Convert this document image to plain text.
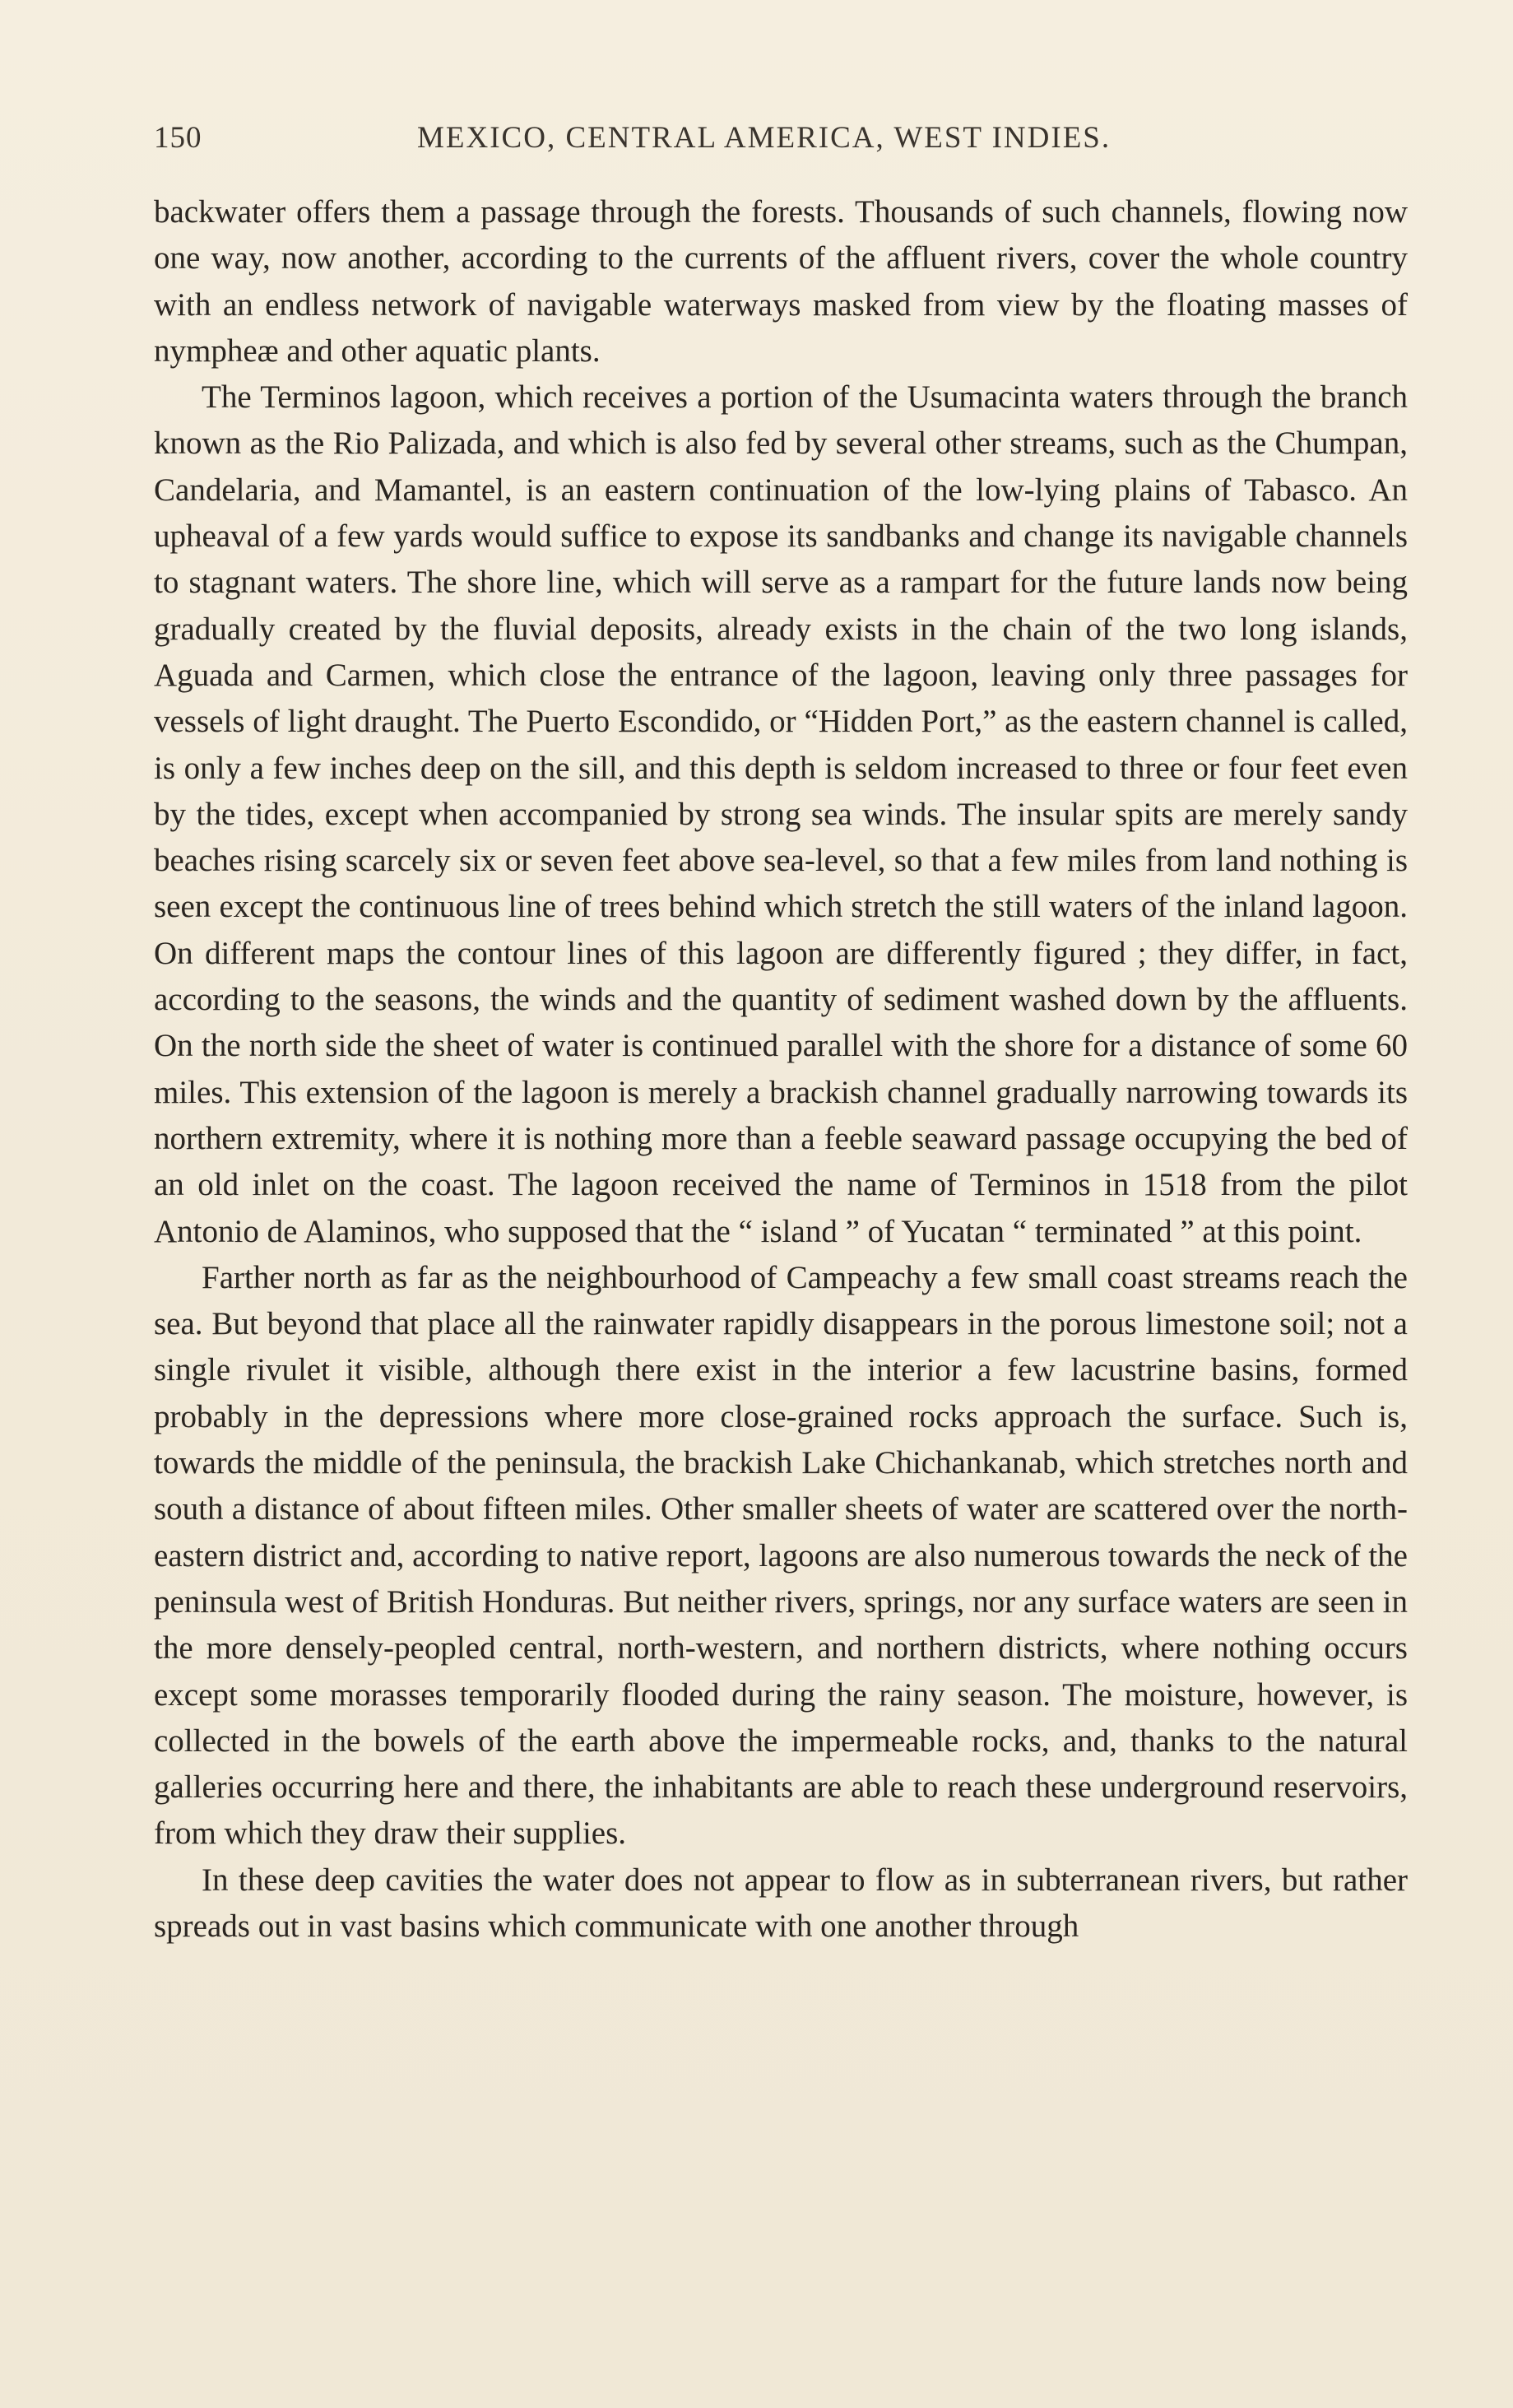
150	MEXICO, CENTRAL AMERICA, WEST INDIES.

backwater offers them a passage through the forests. Thousands of such channels, flowing now one way, now another, according to the currents of the affluent rivers, cover the whole country with an endless network of navigable waterways masked from view by the floating masses of nympheæ and other aquatic plants.

The Terminos lagoon, which receives a portion of the Usumacinta waters through the branch known as the Rio Palizada, and which is also fed by several other streams, such as the Chumpan, Candelaria, and Mamantel, is an eastern continuation of the low-lying plains of Tabasco. An upheaval of a few yards would suffice to expose its sandbanks and change its navigable channels to stagnant waters. The shore line, which will serve as a rampart for the future lands now being gradually created by the fluvial deposits, already exists in the chain of the two long islands, Aguada and Carmen, which close the entrance of the lagoon, leaving only three passages for vessels of light draught. The Puerto Escondido, or “Hidden Port,” as the eastern channel is called, is only a few inches deep on the sill, and this depth is seldom increased to three or four feet even by the tides, except when accompanied by strong sea winds. The insular spits are merely sandy beaches rising scarcely six or seven feet above sea-level, so that a few miles from land nothing is seen except the continuous line of trees behind which stretch the still waters of the inland lagoon. On different maps the contour lines of this lagoon are differently figured ; they differ, in fact, according to the seasons, the winds and the quantity of sediment washed down by the affluents. On the north side the sheet of water is continued parallel with the shore for a distance of some 60 miles. This extension of the lagoon is merely a brackish channel gradually narrowing towards its northern extremity, where it is nothing more than a feeble seaward passage occupying the bed of an old inlet on the coast. The lagoon received the name of Terminos in 1518 from the pilot Antonio de Alaminos, who supposed that the “ island ” of Yucatan “ terminated ” at this point.

Farther north as far as the neighbourhood of Campeachy a few small coast streams reach the sea. But beyond that place all the rainwater rapidly disappears in the porous limestone soil; not a single rivulet it visible, although there exist in the interior a few lacustrine basins, formed probably in the depressions where more close-grained rocks approach the surface. Such is, towards the middle of the peninsula, the brackish Lake Chichankanab, which stretches north and south a distance of about fifteen miles. Other smaller sheets of water are scattered over the north-eastern district and, according to native report, lagoons are also numerous towards the neck of the peninsula west of British Honduras. But neither rivers, springs, nor any surface waters are seen in the more densely-peopled central, north-western, and northern districts, where nothing occurs except some morasses temporarily flooded during the rainy season. The moisture, however, is collected in the bowels of the earth above the impermeable rocks, and, thanks to the natural galleries occurring here and there, the inhabitants are able to reach these underground reservoirs, from which they draw their supplies.

In these deep cavities the water does not appear to flow as in subterranean rivers, but rather spreads out in vast basins which communicate with one another through
